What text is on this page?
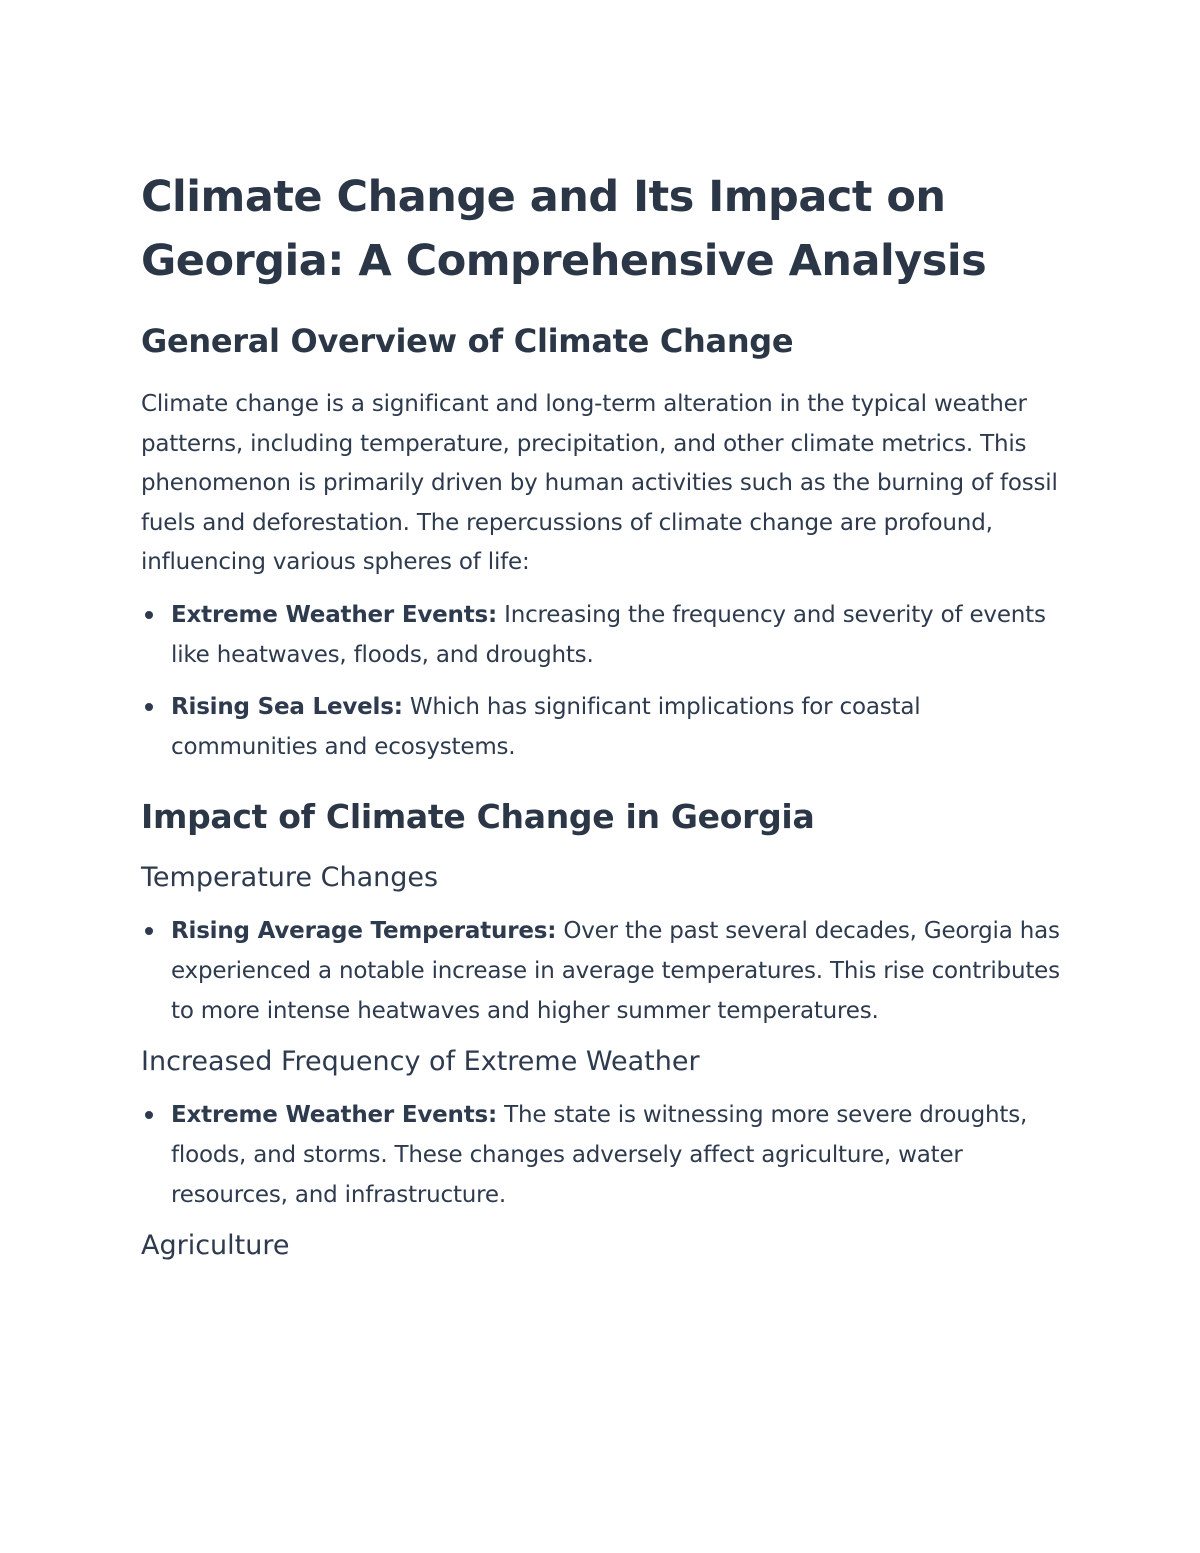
Climate Change and Its Impact on Georgia: A Comprehensive Analysis
General Overview of Climate Change

Climate change is a significant and long-term alteration in the typical weather patterns, including temperature, precipitation, and other climate metrics. This phenomenon is primarily driven by human activities such as the burning of fossil fuels and deforestation. The repercussions of climate change are profound, influencing various spheres of life:

Extreme Weather Events: Increasing the frequency and severity of events like heatwaves, floods, and droughts.
Rising Sea Levels: Which has significant implications for coastal communities and ecosystems.
Impact of Climate Change in Georgia
Temperature Changes
Rising Average Temperatures: Over the past several decades, Georgia has experienced a notable increase in average temperatures. This rise contributes to more intense heatwaves and higher summer temperatures.
Increased Frequency of Extreme Weather
Extreme Weather Events: The state is witnessing more severe droughts, floods, and storms. These changes adversely affect agriculture, water resources, and infrastructure.
Agriculture
